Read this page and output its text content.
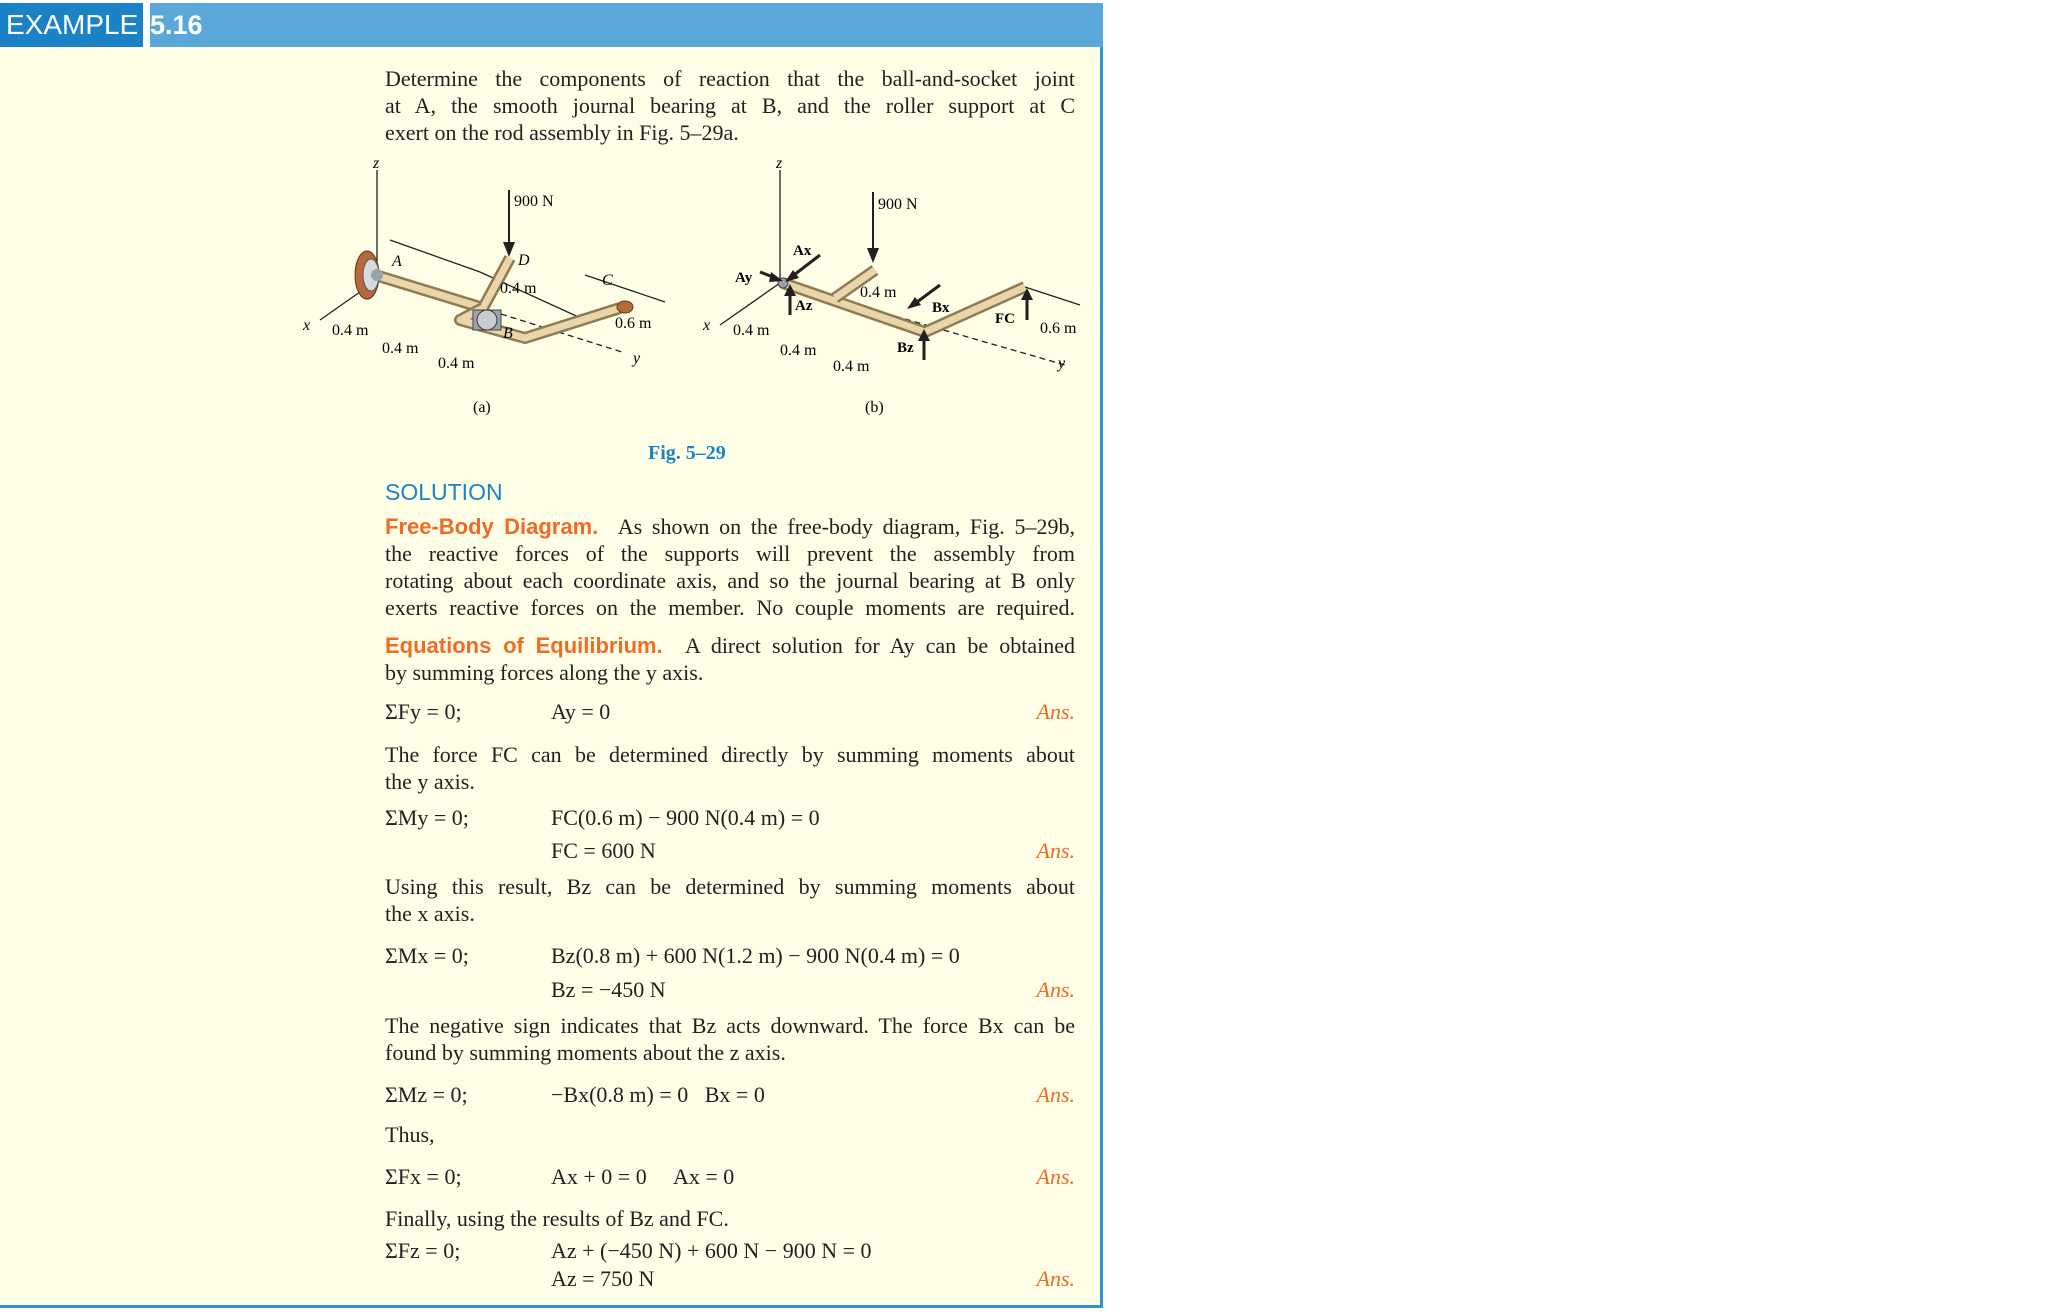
EXAMPLE 5.16
Determine the components of reaction that the ball-and-socket joint
at A, the smooth journal bearing at B, and the roller support at C
exert on the rod assembly in Fig. 5–29a.
z
x
y
900 N
A
B
C
D
0.4 m
0.4 m
0.4 m
0.4 m
0.6 m
(a)
z
x
y
900 N
Ax
Ay
Az	Bx
Bz
FC
0.4 m
0.4 m
0.4 m
0.4 m
0.6 m
(b)
Fig. 5–29
SOLUTION
Free-Body Diagram. As shown on the free-body diagram, Fig. 5–29b,
the reactive forces of the supports will prevent the assembly from
rotating about each coordinate axis, and so the journal bearing at B only
exerts reactive forces on the member. No couple moments are required.
Equations of Equilibrium. A direct solution for Ay can be obtained
by summing forces along the y axis.
ΣFy = 0;	Ay = 0	Ans.
The force FC can be determined directly by summing moments about
the y axis.
ΣMy = 0;	FC(0.6 m) − 900 N(0.4 m) = 0
FC = 600 N	Ans.
Using this result, Bz can be determined by summing moments about
the x axis.
ΣMx = 0;	Bz(0.8 m) + 600 N(1.2 m) − 900 N(0.4 m) = 0
Bz = −450 N	Ans.
The negative sign indicates that Bz acts downward. The force Bx can be
found by summing moments about the z axis.
ΣMz = 0;	−Bx(0.8 m) = 0   Bx = 0	Ans.
Thus,
ΣFx = 0;	Ax + 0 = 0     Ax = 0	Ans.
Finally, using the results of Bz and FC.
ΣFz = 0;	Az + (−450 N) + 600 N − 900 N = 0
Az = 750 N	Ans.
